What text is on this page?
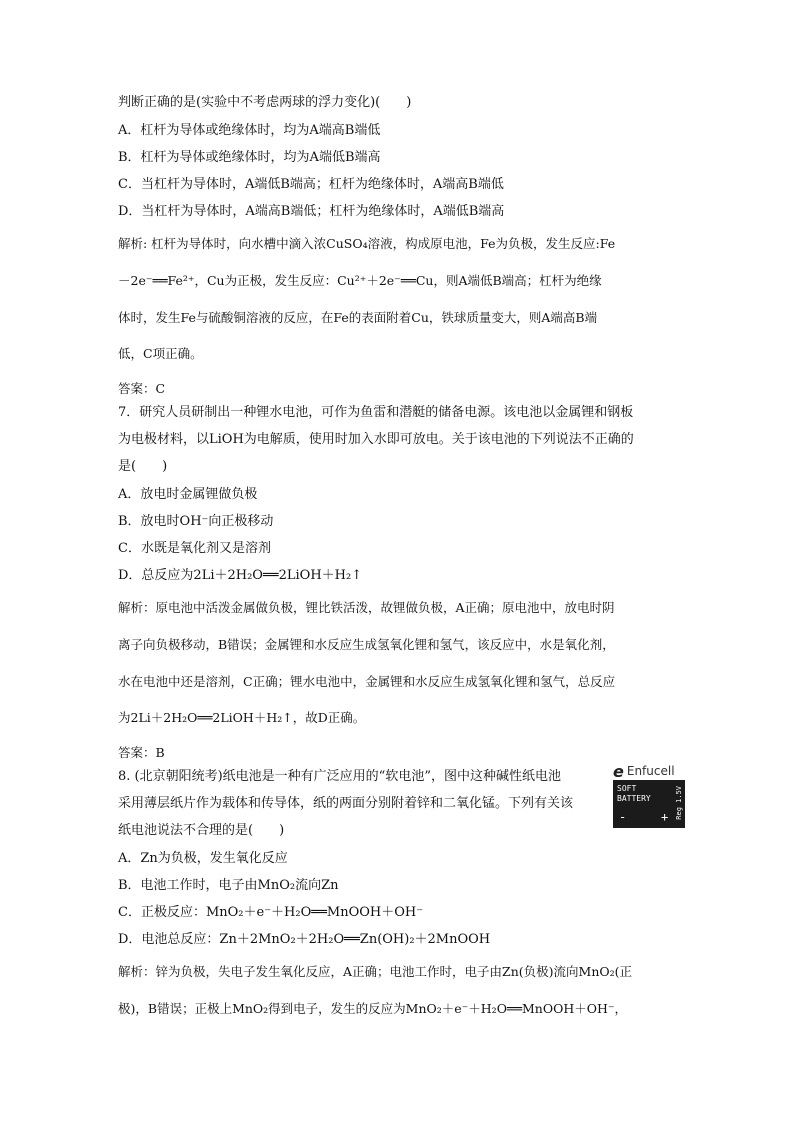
判断正确的是(实验中不考虑两球的浮力变化)(　　)
A．杠杆为导体或绝缘体时，均为A端高B端低
B．杠杆为导体或绝缘体时，均为A端低B端高
C．当杠杆为导体时，A端低B端高；杠杆为绝缘体时，A端高B端低
D．当杠杆为导体时，A端高B端低；杠杆为绝缘体时，A端低B端高
解析: 杠杆为导体时，向水槽中滴入浓CuSO₄溶液，构成原电池，Fe为负极，发生反应:Fe
－2e⁻══Fe²⁺，Cu为正极，发生反应：Cu²⁺＋2e⁻══Cu，则A端低B端高；杠杆为绝缘
体时，发生Fe与硫酸铜溶液的反应，在Fe的表面附着Cu，铁球质量变大，则A端高B端
低，C项正确。
答案：C
7．研究人员研制出一种锂水电池，可作为鱼雷和潜艇的储备电源。该电池以金属锂和钢板
为电极材料，以LiOH为电解质，使用时加入水即可放电。关于该电池的下列说法不正确的
是(　　)
A．放电时金属锂做负极
B．放电时OH⁻向正极移动
C．水既是氧化剂又是溶剂
D．总反应为2Li＋2H₂O══2LiOH＋H₂↑
解析：原电池中活泼金属做负极，锂比铁活泼，故锂做负极，A正确；原电池中，放电时阴
离子向负极移动，B错误；金属锂和水反应生成氢氧化锂和氢气，该反应中，水是氧化剂，
水在电池中还是溶剂，C正确；锂水电池中，金属锂和水反应生成氢氧化锂和氢气，总反应
为2Li＋2H₂O══2LiOH＋H₂↑，故D正确。
答案：B
8. (北京朝阳统考)纸电池是一种有广泛应用的“软电池”，图中这种碱性纸电池
采用薄层纸片作为载体和传导体，纸的两面分别附着锌和二氧化锰。下列有关该
纸电池说法不合理的是(　　)
A．Zn为负极，发生氧化反应
B．电池工作时，电子由MnO₂流向Zn
C．正极反应：MnO₂＋e⁻＋H₂O══MnOOH＋OH⁻
D．电池总反应：Zn＋2MnO₂＋2H₂O══Zn(OH)₂＋2MnOOH
解析：锌为负极，失电子发生氧化反应，A正确；电池工作时，电子由Zn(负极)流向MnO₂(正
极)，B错误；正极上MnO₂得到电子，发生的反应为MnO₂＋e⁻＋H₂O══MnOOH＋OH⁻，
e Enfucell
SOFT
BATTERY
-	+ Reg 1.5V
